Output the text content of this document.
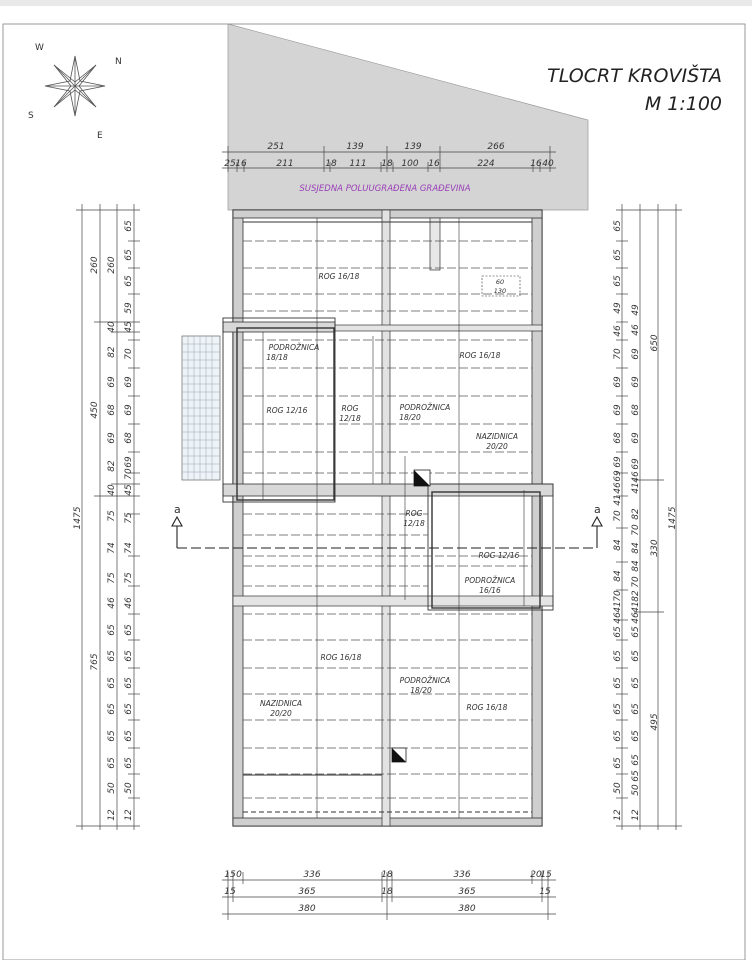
N
S
E
W
TLOCRT KROVIŠTA
M 1:100
SUSJEDNA POLUUGRAĐENA GRAĐEVINA
251	139	139	266
25 16	211	18 111 18 100 16	224	16 40
a	a
ROG 16/18
ROG 16/18
ROG 12/16	ROG
12/18
PODROŽNICA
18/18
PODROŽNICA
18/20
NAZIDNICA
20/20
ROG
12/18
ROG 12/16
PODROŽNICA
16/16
ROG 16/18
PODROŽNICA
18/20
NAZIDNICA
20/20
ROG 16/18
60
130
1475
260
450
765
260
40
82
69
68
69
82
40
75
74
75
46
65
65
65
65
65
65
50
12
65
65
65
59
45
70
69
69
68
69
70
45
75
74
75
46
65
65
65
65
65
65
50
12
1475
650
330
495
49
46
69
69
68
69
69
46
41
82
70
84
84
70
82
41
46
65
65
65
65
65
65
65
50
12
65
65
65
49
46
70
69
69
68
69
69
46
41
70
84
84
70
41
46
65
65
65
65
65
65
50
12
15 0	336	18	336	20
15
15	365	18	365	15
380	380
